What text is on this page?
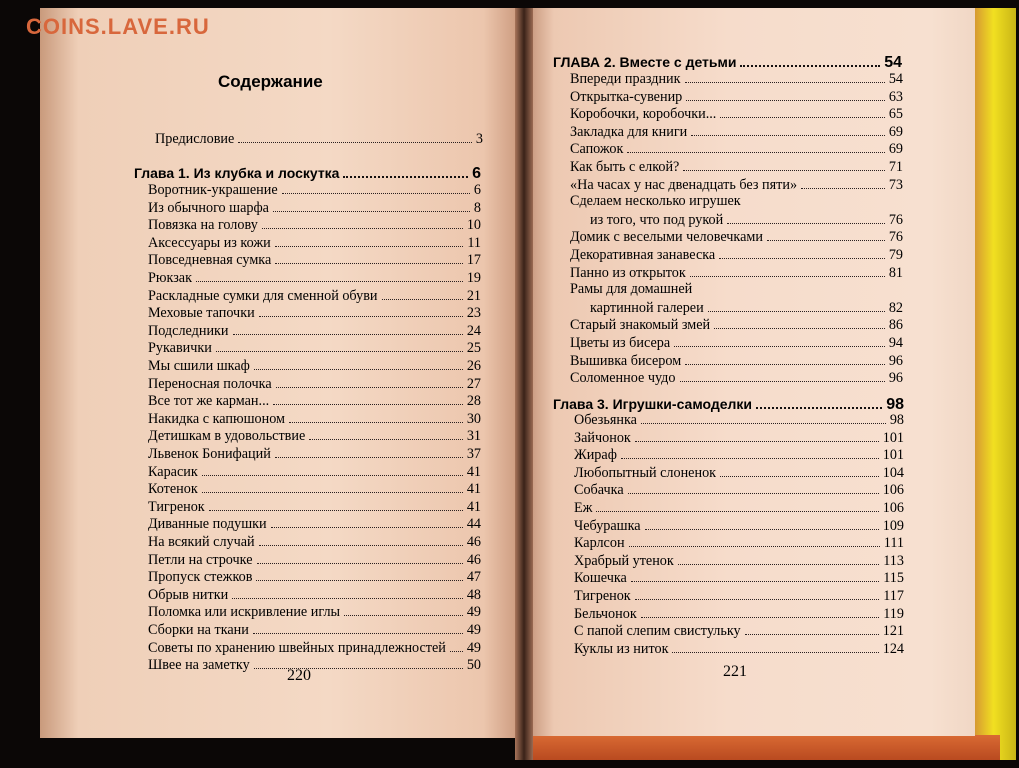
COINS.LAVE.RU
Содержание
Предисловие	3
Глава 1. Из клубка и лоскутка	6
Воротник-украшение	6
Из обычного шарфа	8
Повязка на голову	10
Аксессуары из кожи	11
Повседневная сумка	17
Рюкзак	19
Раскладные сумки для сменной обуви	21
Меховые тапочки	23
Подследники	24
Рукавички	25
Мы сшили шкаф	26
Переносная полочка	27
Все тот же карман...	28
Накидка с капюшоном	30
Детишкам в удовольствие	31
Львенок Бонифаций	37
Карасик	41
Котенок	41
Тигренок	41
Диванные подушки	44
На всякий случай	46
Петли на строчке	46
Пропуск стежков	47
Обрыв нитки	48
Поломка или искривление иглы	49
Сборки на ткани	49
Советы по хранению швейных принадлежностей 49
Швее на заметку	50
220
ГЛАВА 2. Вместе с детьми	54
Впереди праздник	54
Открытка-сувенир	63
Коробочки, коробочки...	65
Закладка для книги	69
Сапожок	69
Как быть с елкой?	71
«На часах у нас двенадцать без пяти»	73
Сделаем несколько игрушек
из того, что под рукой	76
Домик с веселыми человечками	76
Декоративная занавеска	79
Панно из открыток	81
Рамы для домашней
картинной галереи	82
Старый знакомый змей	86
Цветы из бисера	94
Вышивка бисером	96
Соломенное чудо	96
Глава 3. Игрушки-самоделки	98
Обезьянка	98
Зайчонок	101
Жираф	101
Любопытный слоненок	104
Собачка	106
Еж	106
Чебурашка	109
Карлсон	111
Храбрый утенок	113
Кошечка	115
Тигренок	117
Бельчонок	119
С папой слепим свистульку	121
Куклы из ниток	124
221
